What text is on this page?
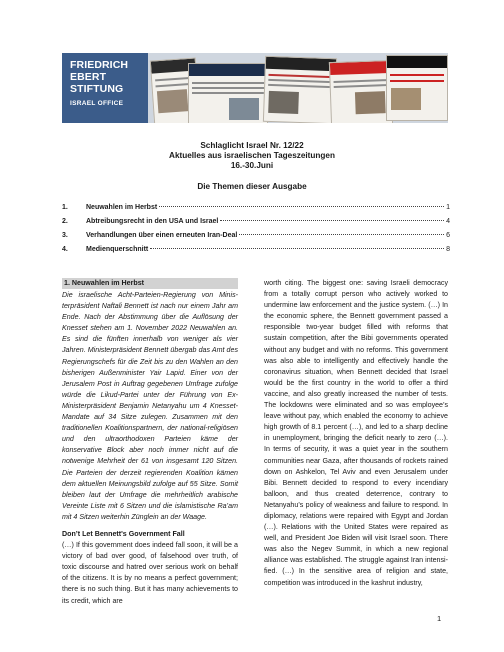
FRIEDRICH
EBERT
STIFTUNG
ISRAEL OFFICE
Schlaglicht Israel Nr. 12/22
Aktuelles aus israelischen Tageszeitungen
16.-30.Juni
Die Themen dieser Ausgabe
1.	Neuwahlen im Herbst	1
2.	Abtreibungsrecht in den USA und Israel	4
3.	Verhandlungen über einen erneuten Iran-Deal	6
4.	Medienquerschnitt	8
1. Neuwahlen im Herbst
Die israelische Acht-Parteien-Regierung von Ministerpräsident Naftali Bennett ist nach nur einem Jahr am Ende. Nach der Abstimmung über die Auflösung der Knesset stehen am 1. November 2022 Neuwahlen an. Es sind die fünften innerhalb von weniger als vier Jahren. Ministerpräsident Bennett übergab das Amt des Regierungschefs für die Zeit bis zu den Wahlen an den bisherigen Außenminister Yair Lapid. Einer von der Jerusalem Post in Auftrag gegebenen Umfrage zufolge würde die Likud-Partei unter der Führung von Ex-Ministerpräsident Benjamin Netanyahu um 4 Knesset-Mandate auf 34 Sitze zulegen. Zusammen mit den traditionellen Koalitionspartnern, der national-religiösen und den ultraorthodoxen Parteien käme der konservative Block aber noch immer nicht auf die notwenige Mehrheit der 61 von insgesamt 120 Sitzen. Die Parteien der derzeit regierenden Koalition kämen dem aktuellen Meinungsbild zufolge auf 55 Sitze. Somit bleiben laut der Umfrage die mehrheitlich arabische Vereinte Liste mit 6 Sitzen und die islamistische Ra’am mit 4 Sitzen weiterhin Zünglein an der Waage.
Don’t Let Bennett's Government Fall
(…) If this government does indeed fall soon, it will be a victory of bad over good, of falsehood over truth, of toxic discourse and hatred over serious work on behalf of the citizens. It is by no means a perfect government; there is no such thing. But it has many achievements to its credit, which are
worth citing. The biggest one: saving Israeli democracy from a totally corrupt person who actively worked to undermine law enforcement and the justice system. (…) In the economic sphere, the Bennett government passed a responsible two-year budget filled with reforms that sustain competition, after the Bibi governments operated without any budget and with no reforms. This government was also able to intelligently and effectively handle the coronavirus situation, when Bennett decided that Israel would be the first country in the world to offer a third vaccine, and also greatly increased the number of tests. The lockdowns were eliminated and so was employee’s leave without pay, which enabled the economy to achieve high growth of 8.1 percent (…), and led to a sharp decline in unemployment, bringing the deficit nearly to zero (…). In terms of security, it was a quiet year in the southern communities near Gaza, after thousands of rockets rained down on Ashkelon, Tel Aviv and even Jerusalem under Bibi. Bennett decided to respond to every incendiary balloon, and thus created deterrence, contrary to Netanyahu’s policy of weakness and failure to respond. In diplomacy, relations were repaired with Egypt and Jordan (…). Relations with the United States were repaired as well, and President Joe Biden will visit Israel soon. There was also the Negev Summit, in which a new regional alliance was established. The struggle against Iran intensified. (…) In the sensitive area of religion and state, competition was introduced in the kashrut industry,
1
